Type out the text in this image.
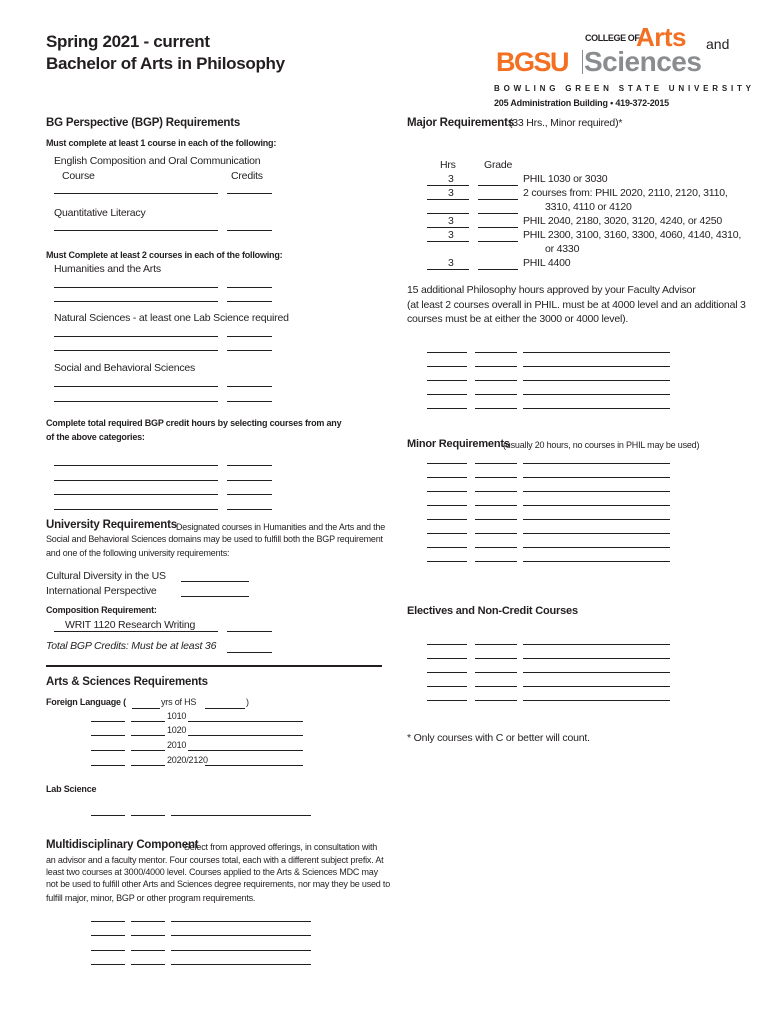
Spring 2021 - current
Bachelor of Arts in Philosophy	BGSU
COLLEGE OF
Arts and
Sciences
BOWLING GREEN STATE UNIVERSITY
205 Administration Building • 419-372-2015
BG Perspective (BGP) Requirements
Must complete at least 1 course in each of the following:
English Composition and Oral Communication
Course	Credits
Quantitative Literacy
Must Complete at least 2 courses in each of the following:
Humanities and the Arts
Natural Sciences - at least one Lab Science required
Social and Behavioral Sciences
Complete total required BGP credit hours by selecting courses from any
of the above categories:
University Requirements Designated courses in Humanities and the Arts and the
Social and Behavioral Sciences domains may be used to fulfill both the BGP requirement
and one of the following university requirements:
Cultural Diversity in the US
International Perspective
Composition Requirement:
WRIT 1120 Research Writing
Total BGP Credits: Must be at least 36
Arts & Sciences Requirements
Foreign Language (	yrs of HS	)
1010
1020
2010
2020/2120
Lab Science
Multidisciplinary Component
Select from approved offerings, in consultation with
an advisor and a faculty mentor. Four courses total, each with a different subject prefix. At
least two courses at 3000/4000 level. Courses applied to the Arts & Sciences MDC may
not be used to fulfill other Arts and Sciences degree requirements, nor may they be used to
fulfill major, minor, BGP or other program requirements.
Major Requirements
(33 Hrs., Minor required)*
Hrs	Grade
3	PHIL 1030 or 3030
3	2 courses from: PHIL 2020, 2110, 2120, 3110,
3310, 4110 or 4120
3	PHIL 2040, 2180, 3020, 3120, 4240, or 4250
3	PHIL 2300, 3100, 3160, 3300, 4060, 4140, 4310,
or 4330
3	PHIL 4400
15 additional Philosophy hours approved by your Faculty Advisor
(at least 2 courses overall in PHIL. must be at 4000 level and an additional 3
courses must be at either the 3000 or 4000 level).
Minor Requirements
(usually 20 hours, no courses in PHIL may be used)
Electives and Non-Credit Courses
* Only courses with C or better will count.
